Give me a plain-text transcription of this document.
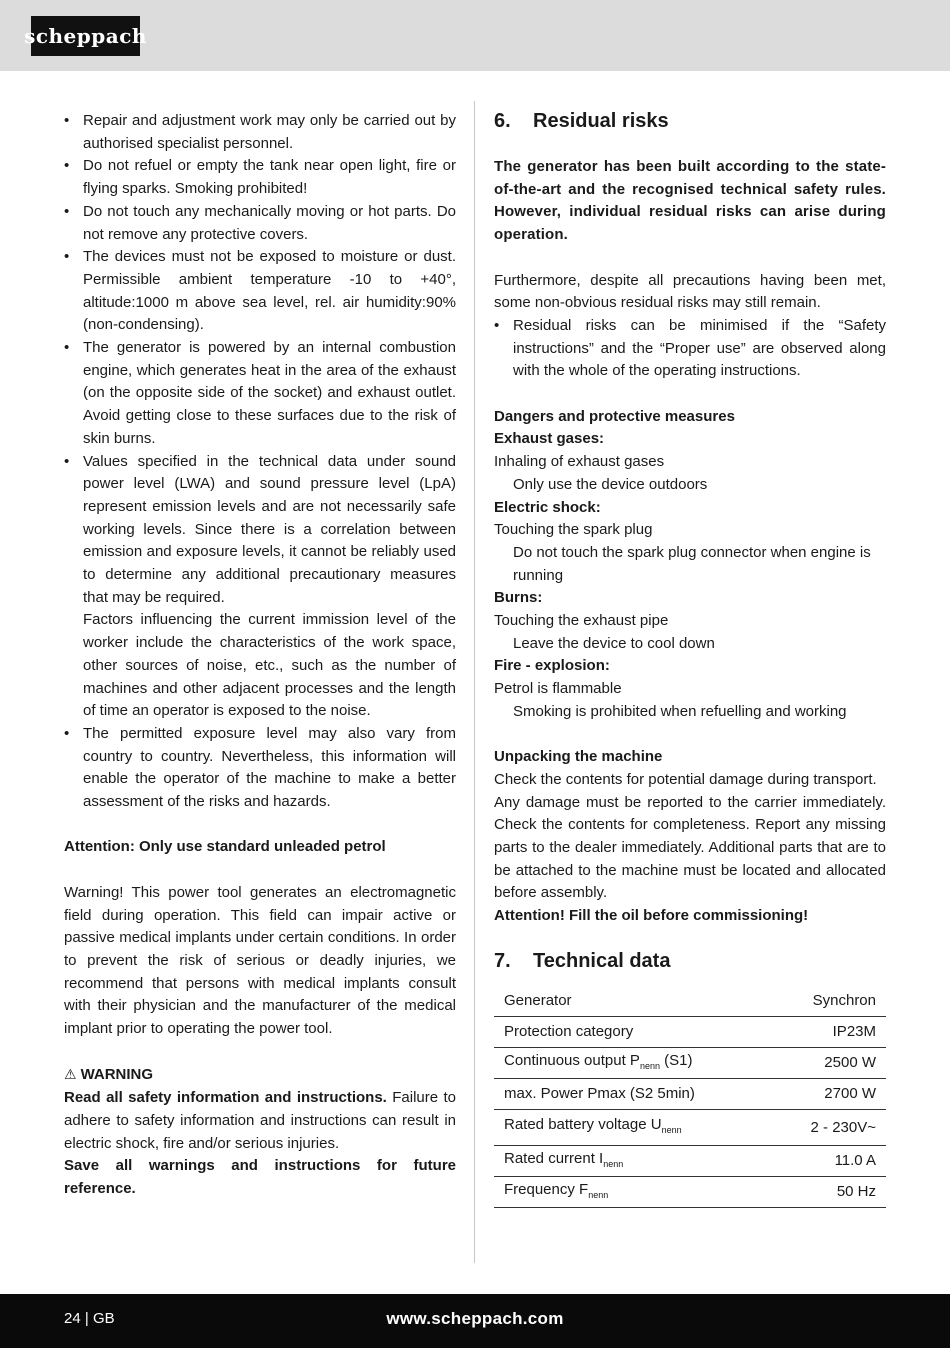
scheppach
• Repair and adjustment work may only be carried out by authorised specialist personnel.
• Do not refuel or empty the tank near open light, fire or flying sparks. Smoking prohibited!
• Do not touch any mechanically moving or hot parts. Do not remove any protective covers.
• The devices must not be exposed to moisture or dust. Permissible ambient temperature -10 to +40°, altitude:1000 m above sea level, rel. air humidity:90% (non-condensing).
• The generator is powered by an internal combustion engine, which generates heat in the area of the exhaust (on the opposite side of the socket) and exhaust outlet. Avoid getting close to these surfaces due to the risk of skin burns.
• Values specified in the technical data under sound power level (LWA) and sound pressure level (LpA) represent emission levels and are not necessarily safe working levels. Since there is a correlation between emission and exposure levels, it cannot be reliably used to determine any additional precautionary measures that may be required.

Factors influencing the current immission level of the worker include the characteristics of the work space, other sources of noise, etc., such as the number of machines and other adjacent processes and the length of time an operator is exposed to the noise.

• The permitted exposure level may also vary from country to country. Nevertheless, this information will enable the operator of the machine to make a better assessment of the risks and hazards.

Attention: Only use standard unleaded petrol

Warning! This power tool generates an electromagnetic field during operation. This field can impair active or passive medical implants under certain conditions. In order to prevent the risk of serious or deadly injuries, we recommend that persons with medical implants consult with their physician and the manufacturer of the medical implant prior to operating the power tool.

⚠ WARNING

Read all safety information and instructions. Failure to adhere to safety information and instructions can result in electric shock, fire and/or serious injuries.

Save all warnings and instructions for future reference.

6.	Residual risks

The generator has been built according to the state-of-the-art and the recognised technical safety rules. However, individual residual risks can arise during operation.

Furthermore, despite all precautions having been met, some non-obvious residual risks may still remain.

• Residual risks can be minimised if the “Safety instructions” and the “Proper use” are observed along with the whole of the operating instructions.

Dangers and protective measures

Exhaust gases:

Inhaling of exhaust gases

Only use the device outdoors

Electric shock:

Touching the spark plug

Do not touch the spark plug connector when engine is running

Burns:

Touching the exhaust pipe

Leave the device to cool down

Fire - explosion:

Petrol is flammable

Smoking is prohibited when refuelling and working

Unpacking the machine

Check the contents for potential damage during transport.

Any damage must be reported to the carrier immediately. Check the contents for completeness. Report any missing parts to the dealer immediately. Additional parts that are to be attached to the machine must be located and allocated before assembly.

Attention! Fill the oil before commissioning!

7.	Technical data
Generator	Synchron
Protection category	IP23M
Continuous output $P_{nenn}$ (S1)	2500 W
max. Power Pmax (S2 5min)	2700 W
Rated battery voltage $U_{nenn}$	2 - 230V~
Rated current $I_{nenn}$	11.0 A
Frequency $F_{nenn}$	50 Hz
24 | GB	www.scheppach.com
